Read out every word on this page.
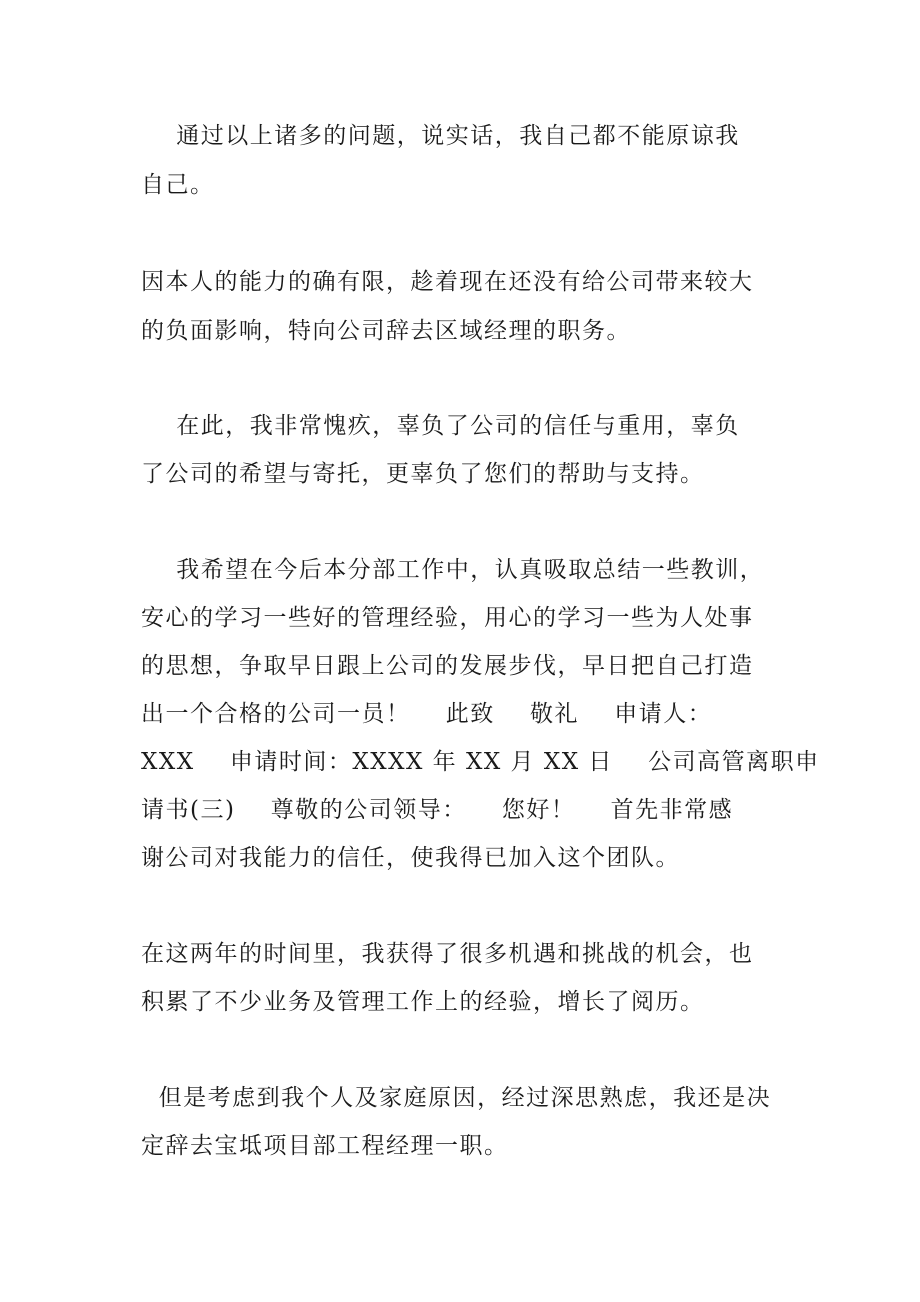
通过以上诸多的问题，说实话，我自己都不能原谅我
自己。
因本人的能力的确有限，趁着现在还没有给公司带来较大
的负面影响，特向公司辞去区域经理的职务。
在此，我非常愧疚，辜负了公司的信任与重用，辜负
了公司的希望与寄托，更辜负了您们的帮助与支持。
我希望在今后本分部工作中，认真吸取总结一些教训，
安心的学习一些好的管理经验，用心的学习一些为人处事
的思想，争取早日跟上公司的发展步伐，早日把自己打造
出一个合格的公司一员！    此致    敬礼    申请人：
XXX    申请时间：XXXX 年 XX 月 XX 日    公司高管离职申
请书(三)    尊敬的公司领导：    您好！    首先非常感
谢公司对我能力的信任，使我得已加入这个团队。
在这两年的时间里，我获得了很多机遇和挑战的机会，也
积累了不少业务及管理工作上的经验，增长了阅历。
但是考虑到我个人及家庭原因，经过深思熟虑，我还是决
定辞去宝坻项目部工程经理一职。
